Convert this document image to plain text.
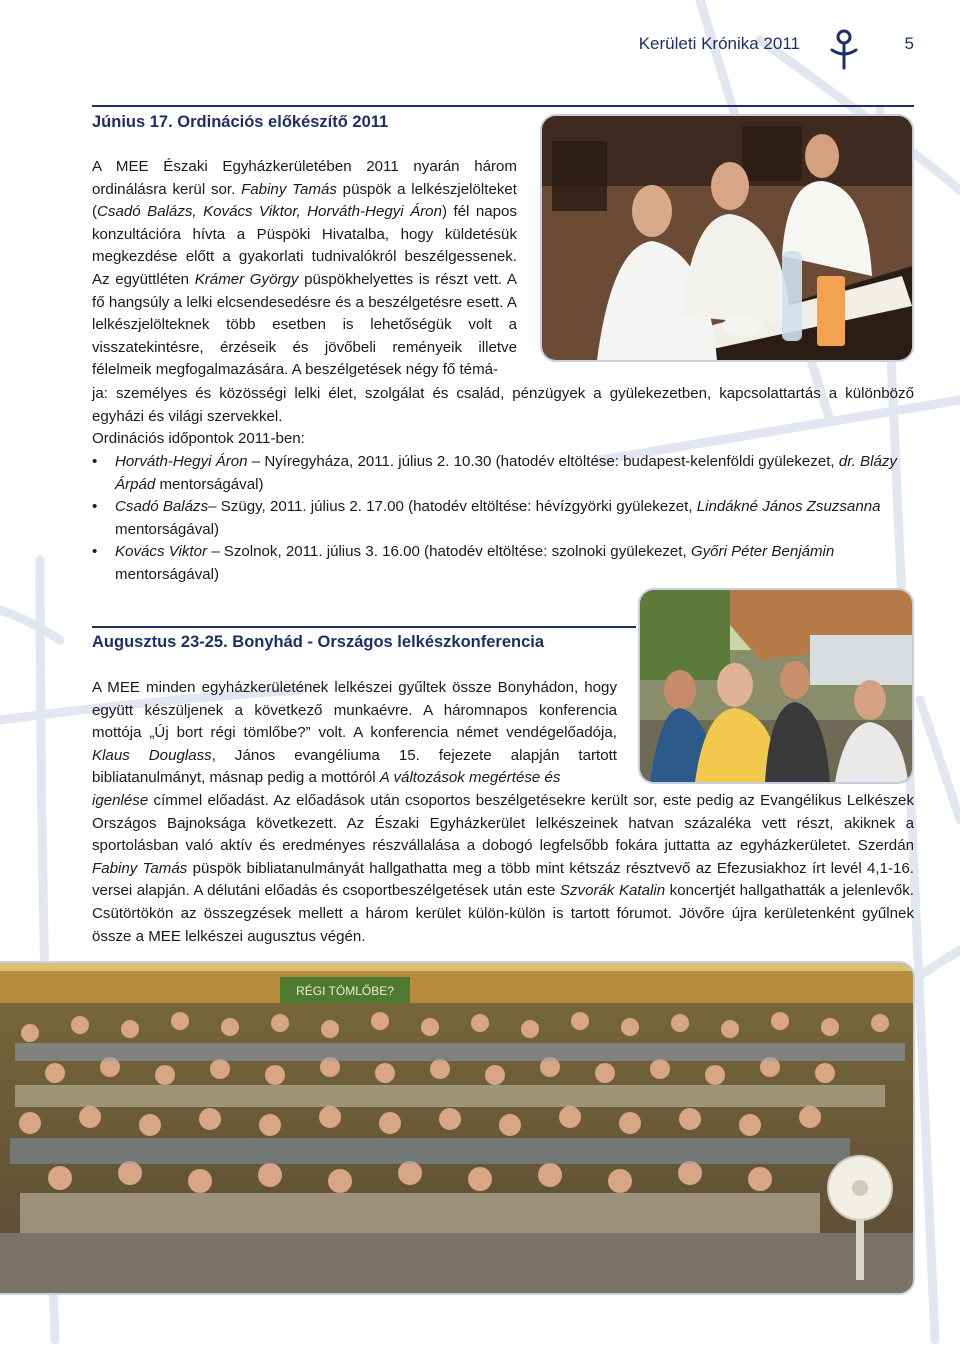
Kerületi Krónika 2011	5
Június 17. Ordinációs előkészítő 2011
A MEE Északi Egyházkerületében 2011 nyarán három ordinálásra kerül sor. Fabiny Tamás püspök a lelkészjelölteket (Csadó Balázs, Kovács Viktor, Horváth-Hegyi Áron) fél napos konzultációra hívta a Püspöki Hivatalba, hogy küldetésük megkezdése előtt a gyakorlati tudnivalókról beszélgessenek. Az együttléten Krámer György püspökhelyettes is részt vett. A fő hangsúly a lelki elcsendesedésre és a beszélgetésre esett. A lelkészjelölteknek több esetben is lehetőségük volt a visszatekintésre, érzéseik és jövőbeli reményeik illetve félelmeik megfogalmazására. A beszélgetések négy fő témá-
ja: személyes és közösségi lelki élet, szolgálat és család, pénzügyek a gyülekezetben, kapcsolattartás a különböző egyházi és világi szervekkel.
Ordinációs időpontok 2011-ben:
• Horváth-Hegyi Áron – Nyíregyháza, 2011. július 2. 10.30 (hatodév eltöltése: budapest-kelenföldi gyülekezet, dr. Blázy Árpád mentorságával)
• Csadó Balázs– Szügy, 2011. július 2. 17.00 (hatodév eltöltése: hévízgyörki gyülekezet, Lindákné János Zsuzsanna mentorságával)
• Kovács Viktor – Szolnok, 2011. július 3. 16.00 (hatodév eltöltése: szolnoki gyülekezet, Győri Péter Benjámin mentorságával)
Augusztus 23-25. Bonyhád - Országos lelkészkonferencia
A MEE minden egyházkerületének lelkészei gyűltek össze Bonyhádon, hogy együtt készüljenek a következő munkaévre. A háromnapos konferencia mottója „Új bort régi tömlőbe?” volt. A konferencia német vendégelőadója, Klaus Douglass, János evangéliuma 15. fejezete alapján tartott bibliatanulmányt, másnap pedig a mottóról A változások megértése és
igenlése címmel előadást. Az előadások után csoportos beszélgetésekre került sor, este pedig az Evangélikus Lelkészek Országos Bajnoksága következett. Az Északi Egyházkerület lelkészeinek hatvan százaléka vett részt, akiknek a sportolásban való aktív és eredményes részvállalása a dobogó legfelsőbb fokára juttatta az egyházkerületet. Szerdán Fabiny Tamás püspök bibliatanulmányát hallgathatta meg a több mint kétszáz résztvevő az Efezusiakhoz írt levél 4,1-16. versei alapján. A délutáni előadás és csoportbeszélgetések után este Szvorák Katalin koncertjét hallgathatták a jelenlevők. Csütörtökön az összegzések mellett a három kerület külön-külön is tartott fórumot. Jövőre újra kerületenként gyűlnek össze a MEE lelkészei augusztus végén.
RÉGI TÖMLŐBE?
